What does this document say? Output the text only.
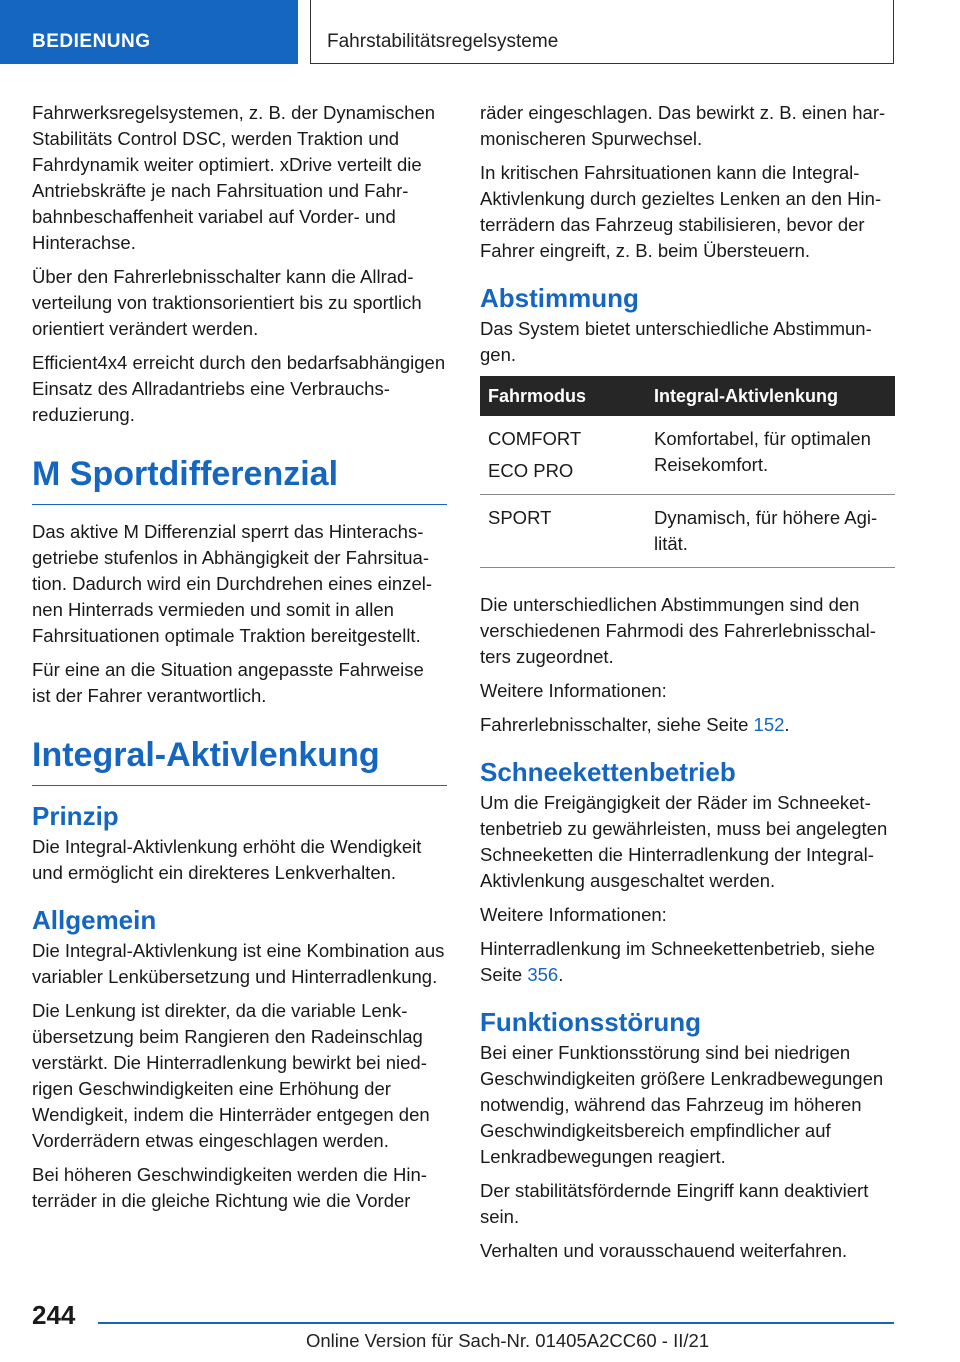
BEDIENUNG	Fahrstabilitätsregelsysteme

Fahrwerksregelsystemen, z. B. der Dynamischen Stabilitäts Control DSC, werden Traktion und Fahrdynamik weiter optimiert. xDrive verteilt die Antriebskräfte je nach Fahrsituation und Fahrbahnbeschaffenheit variabel auf Vorder- und Hinterachse.

Über den Fahrerlebnisschalter kann die Allradverteilung von traktionsorientiert bis zu sportlich orientiert verändert werden.

Efficient4x4 erreicht durch den bedarfsabhängigen Einsatz des Allradantriebs eine Verbrauchsreduzierung.

M Sportdifferenzial

Das aktive M Differenzial sperrt das Hinterachsgetriebe stufenlos in Abhängigkeit der Fahrsituation. Dadurch wird ein Durchdrehen eines einzelnen Hinterrads vermieden und somit in allen Fahrsituationen optimale Traktion bereitgestellt.

Für eine an die Situation angepasste Fahrweise ist der Fahrer verantwortlich.

Integral-Aktivlenkung
Prinzip

Die Integral-Aktivlenkung erhöht die Wendigkeit und ermöglicht ein direkteres Lenkverhalten.

Allgemein

Die Integral-Aktivlenkung ist eine Kombination aus variabler Lenkübersetzung und Hinterradlenkung.

Die Lenkung ist direkter, da die variable Lenkübersetzung beim Rangieren den Radeinschlag verstärkt. Die Hinterradlenkung bewirkt bei niedrigen Geschwindigkeiten eine Erhöhung der Wendigkeit, indem die Hinterräder entgegen den Vorderrädern etwas eingeschlagen werden.

Bei höheren Geschwindigkeiten werden die Hinterräder in die gleiche Richtung wie die Vorder

räder eingeschlagen. Das bewirkt z. B. einen harmonischeren Spurwechsel.

In kritischen Fahrsituationen kann die Integral-Aktivlenkung durch gezieltes Lenken an den Hinterrädern das Fahrzeug stabilisieren, bevor der Fahrer eingreift, z. B. beim Übersteuern.

Abstimmung

Das System bietet unterschiedliche Abstimmungen.

Fahrmodus	Integral-Aktivlenkung

COMFORT
ECO PRO	Komfortabel, für optimalen Reisekomfort.

SPORT	Dynamisch, für höhere Agilität.

Die unterschiedlichen Abstimmungen sind den verschiedenen Fahrmodi des Fahrerlebnisschalters zugeordnet.

Weitere Informationen:

Fahrerlebnisschalter, siehe Seite 152.

Schneekettenbetrieb

Um die Freigängigkeit der Räder im Schneekettenbetrieb zu gewährleisten, muss bei angelegten Schneeketten die Hinterradlenkung der Integral-Aktivlenkung ausgeschaltet werden.

Weitere Informationen:

Hinterradlenkung im Schneekettenbetrieb, siehe Seite 356.

Funktionsstörung

Bei einer Funktionsstörung sind bei niedrigen Geschwindigkeiten größere Lenkradbewegungen notwendig, während das Fahrzeug im höheren Geschwindigkeitsbereich empfindlicher auf Lenkradbewegungen reagiert.

Der stabilitätsfördernde Eingriff kann deaktiviert sein.

Verhalten und vorausschauend weiterfahren.

244
Online Version für Sach-Nr. 01405A2CC60 - II/21
